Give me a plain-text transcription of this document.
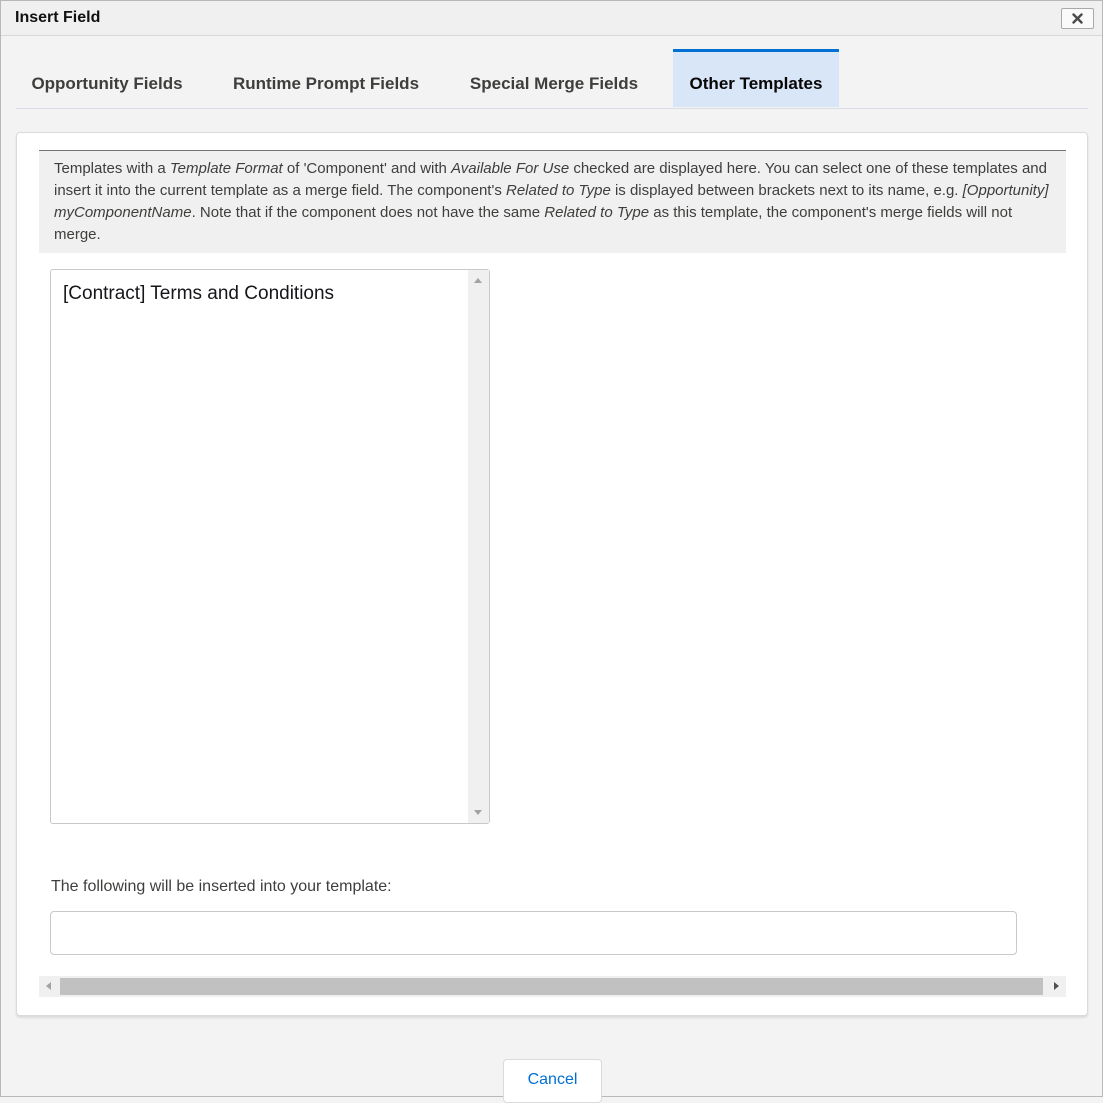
Insert Field
Opportunity Fields	Runtime Prompt Fields	Special Merge Fields	Other Templates
Templates with a Template Format of 'Component' and with Available For Use checked are displayed here. You can select one of these templates and insert it into the current template as a merge field. The component's Related to Type is displayed between brackets next to its name, e.g. [Opportunity] myComponentName. Note that if the component does not have the same Related to Type as this template, the component's merge fields will not merge.
[Contract] Terms and Conditions
The following will be inserted into your template:
Cancel
